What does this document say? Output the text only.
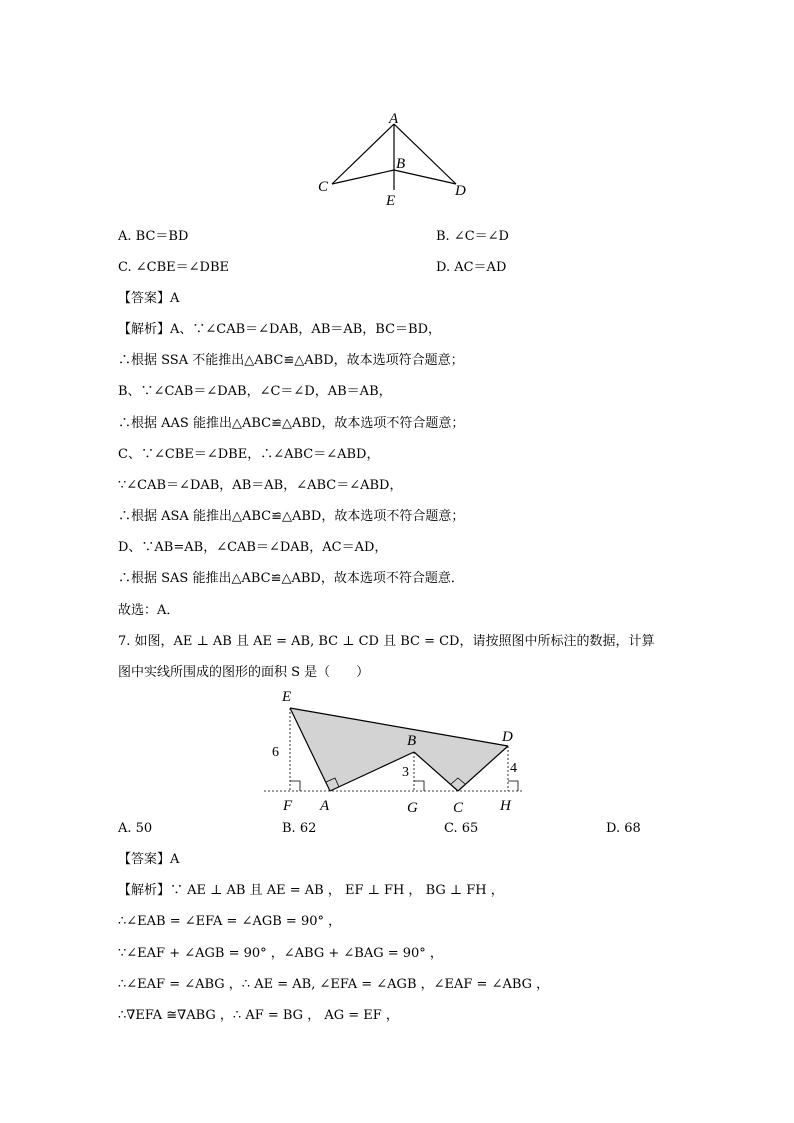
A
B
C	D
E
A. BC＝BD	B. ∠C＝∠D
C. ∠CBE＝∠DBE	D. AC＝AD
【答案】A
【解析】A、∵∠CAB＝∠DAB，AB＝AB，BC＝BD，
∴根据 SSA 不能推出△ABC≌△ABD，故本选项符合题意；
B、∵∠CAB＝∠DAB，∠C＝∠D，AB＝AB，
∴根据 AAS 能推出△ABC≌△ABD，故本选项不符合题意；
C、∵∠CBE＝∠DBE，∴∠ABC＝∠ABD，
∵∠CAB＝∠DAB，AB＝AB，∠ABC＝∠ABD，
∴根据 ASA 能推出△ABC≌△ABD，故本选项不符合题意；
D、∵AB=AB，∠CAB＝∠DAB，AC＝AD，
∴根据 SAS 能推出△ABC≌△ABD，故本选项不符合题意．
故选：A．
7. 如图，AE ⊥ AB 且 AE = AB, BC ⊥ CD 且 BC = CD，请按照图中所标注的数据，计算
图中实线所围成的图形的面积 S 是（　　）
E
B	D
6
3	4
F A	G C H
A. 50	B. 62	C. 65	D. 68
【答案】A
【解析】∵ AE ⊥ AB 且 AE = AB ， EF ⊥ FH ， BG ⊥ FH ，
∴∠EAB = ∠EFA = ∠AGB = 90° ，
∵∠EAF + ∠AGB = 90° ，∠ABG + ∠BAG = 90° ，
∴∠EAF = ∠ABG ，∴ AE = AB, ∠EFA = ∠AGB ，∠EAF = ∠ABG ，
∴∇EFA ≅∇ABG ，∴ AF = BG ， AG = EF ，
